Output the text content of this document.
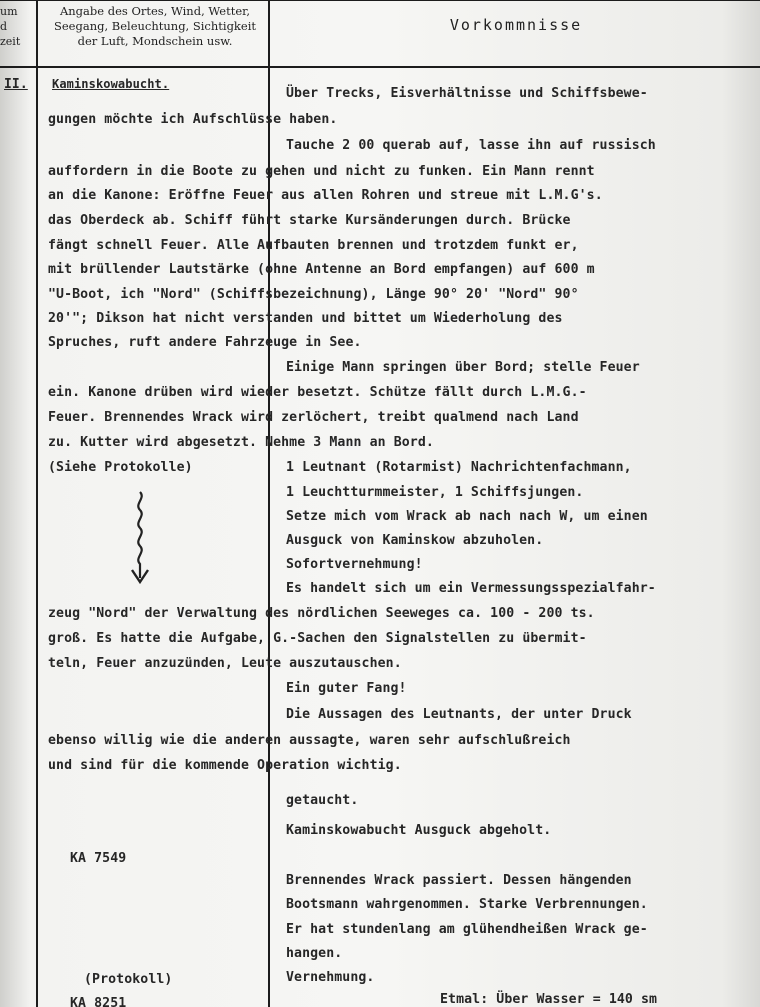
um
d
zeit
Angabe des Ortes, Wind, Wetter,
Seegang, Beleuchtung, Sichtigkeit
der Luft, Mondschein usw.
Vorkommnisse
II. Kaminskowabucht.
Über Trecks, Eisverhältnisse und Schiffsbewe-
gungen möchte ich Aufschlüsse haben.
Tauche 2 00 querab auf, lasse ihn auf russisch
auffordern in die Boote zu gehen und nicht zu funken. Ein Mann rennt
an die Kanone: Eröffne Feuer aus allen Rohren und streue mit L.M.G's.
das Oberdeck ab. Schiff führt starke Kursänderungen durch. Brücke
fängt schnell Feuer. Alle Aufbauten brennen und trotzdem funkt er,
mit brüllender Lautstärke (ohne Antenne an Bord empfangen) auf 600 m
"U-Boot, ich "Nord" (Schiffsbezeichnung), Länge 90° 20' "Nord" 90°
20'"; Dikson hat nicht verstanden und bittet um Wiederholung des
Spruches, ruft andere Fahrzeuge in See.
Einige Mann springen über Bord; stelle Feuer
ein. Kanone drüben wird wieder besetzt. Schütze fällt durch L.M.G.-
Feuer. Brennendes Wrack wird zerlöchert, treibt qualmend nach Land
zu. Kutter wird abgesetzt. Nehme 3 Mann an Bord.
(Siehe Protokolle)	1 Leutnant (Rotarmist) Nachrichtenfachmann,
1 Leuchtturmmeister, 1 Schiffsjungen.
Setze mich vom Wrack ab nach nach W, um einen
Ausguck von Kaminskow abzuholen.
Sofortvernehmung!
Es handelt sich um ein Vermessungsspezialfahr-
zeug "Nord" der Verwaltung des nördlichen Seeweges ca. 100 - 200 ts.
groß. Es hatte die Aufgabe, G.-Sachen den Signalstellen zu übermit-
teln, Feuer anzuzünden, Leute auszutauschen.
Ein guter Fang!
Die Aussagen des Leutnants, der unter Druck
ebenso willig wie die anderen aussagte, waren sehr aufschlußreich
und sind für die kommende Operation wichtig.
getaucht.
Kaminskowabucht Ausguck abgeholt.
KA 7549
Brennendes Wrack passiert. Dessen hängenden
Bootsmann wahrgenommen. Starke Verbrennungen.
Er hat stundenlang am glühendheißen Wrack ge-
hangen.
(Protokoll)	Vernehmung.
KA 8251	Etmal: Über Wasser = 140 sm
